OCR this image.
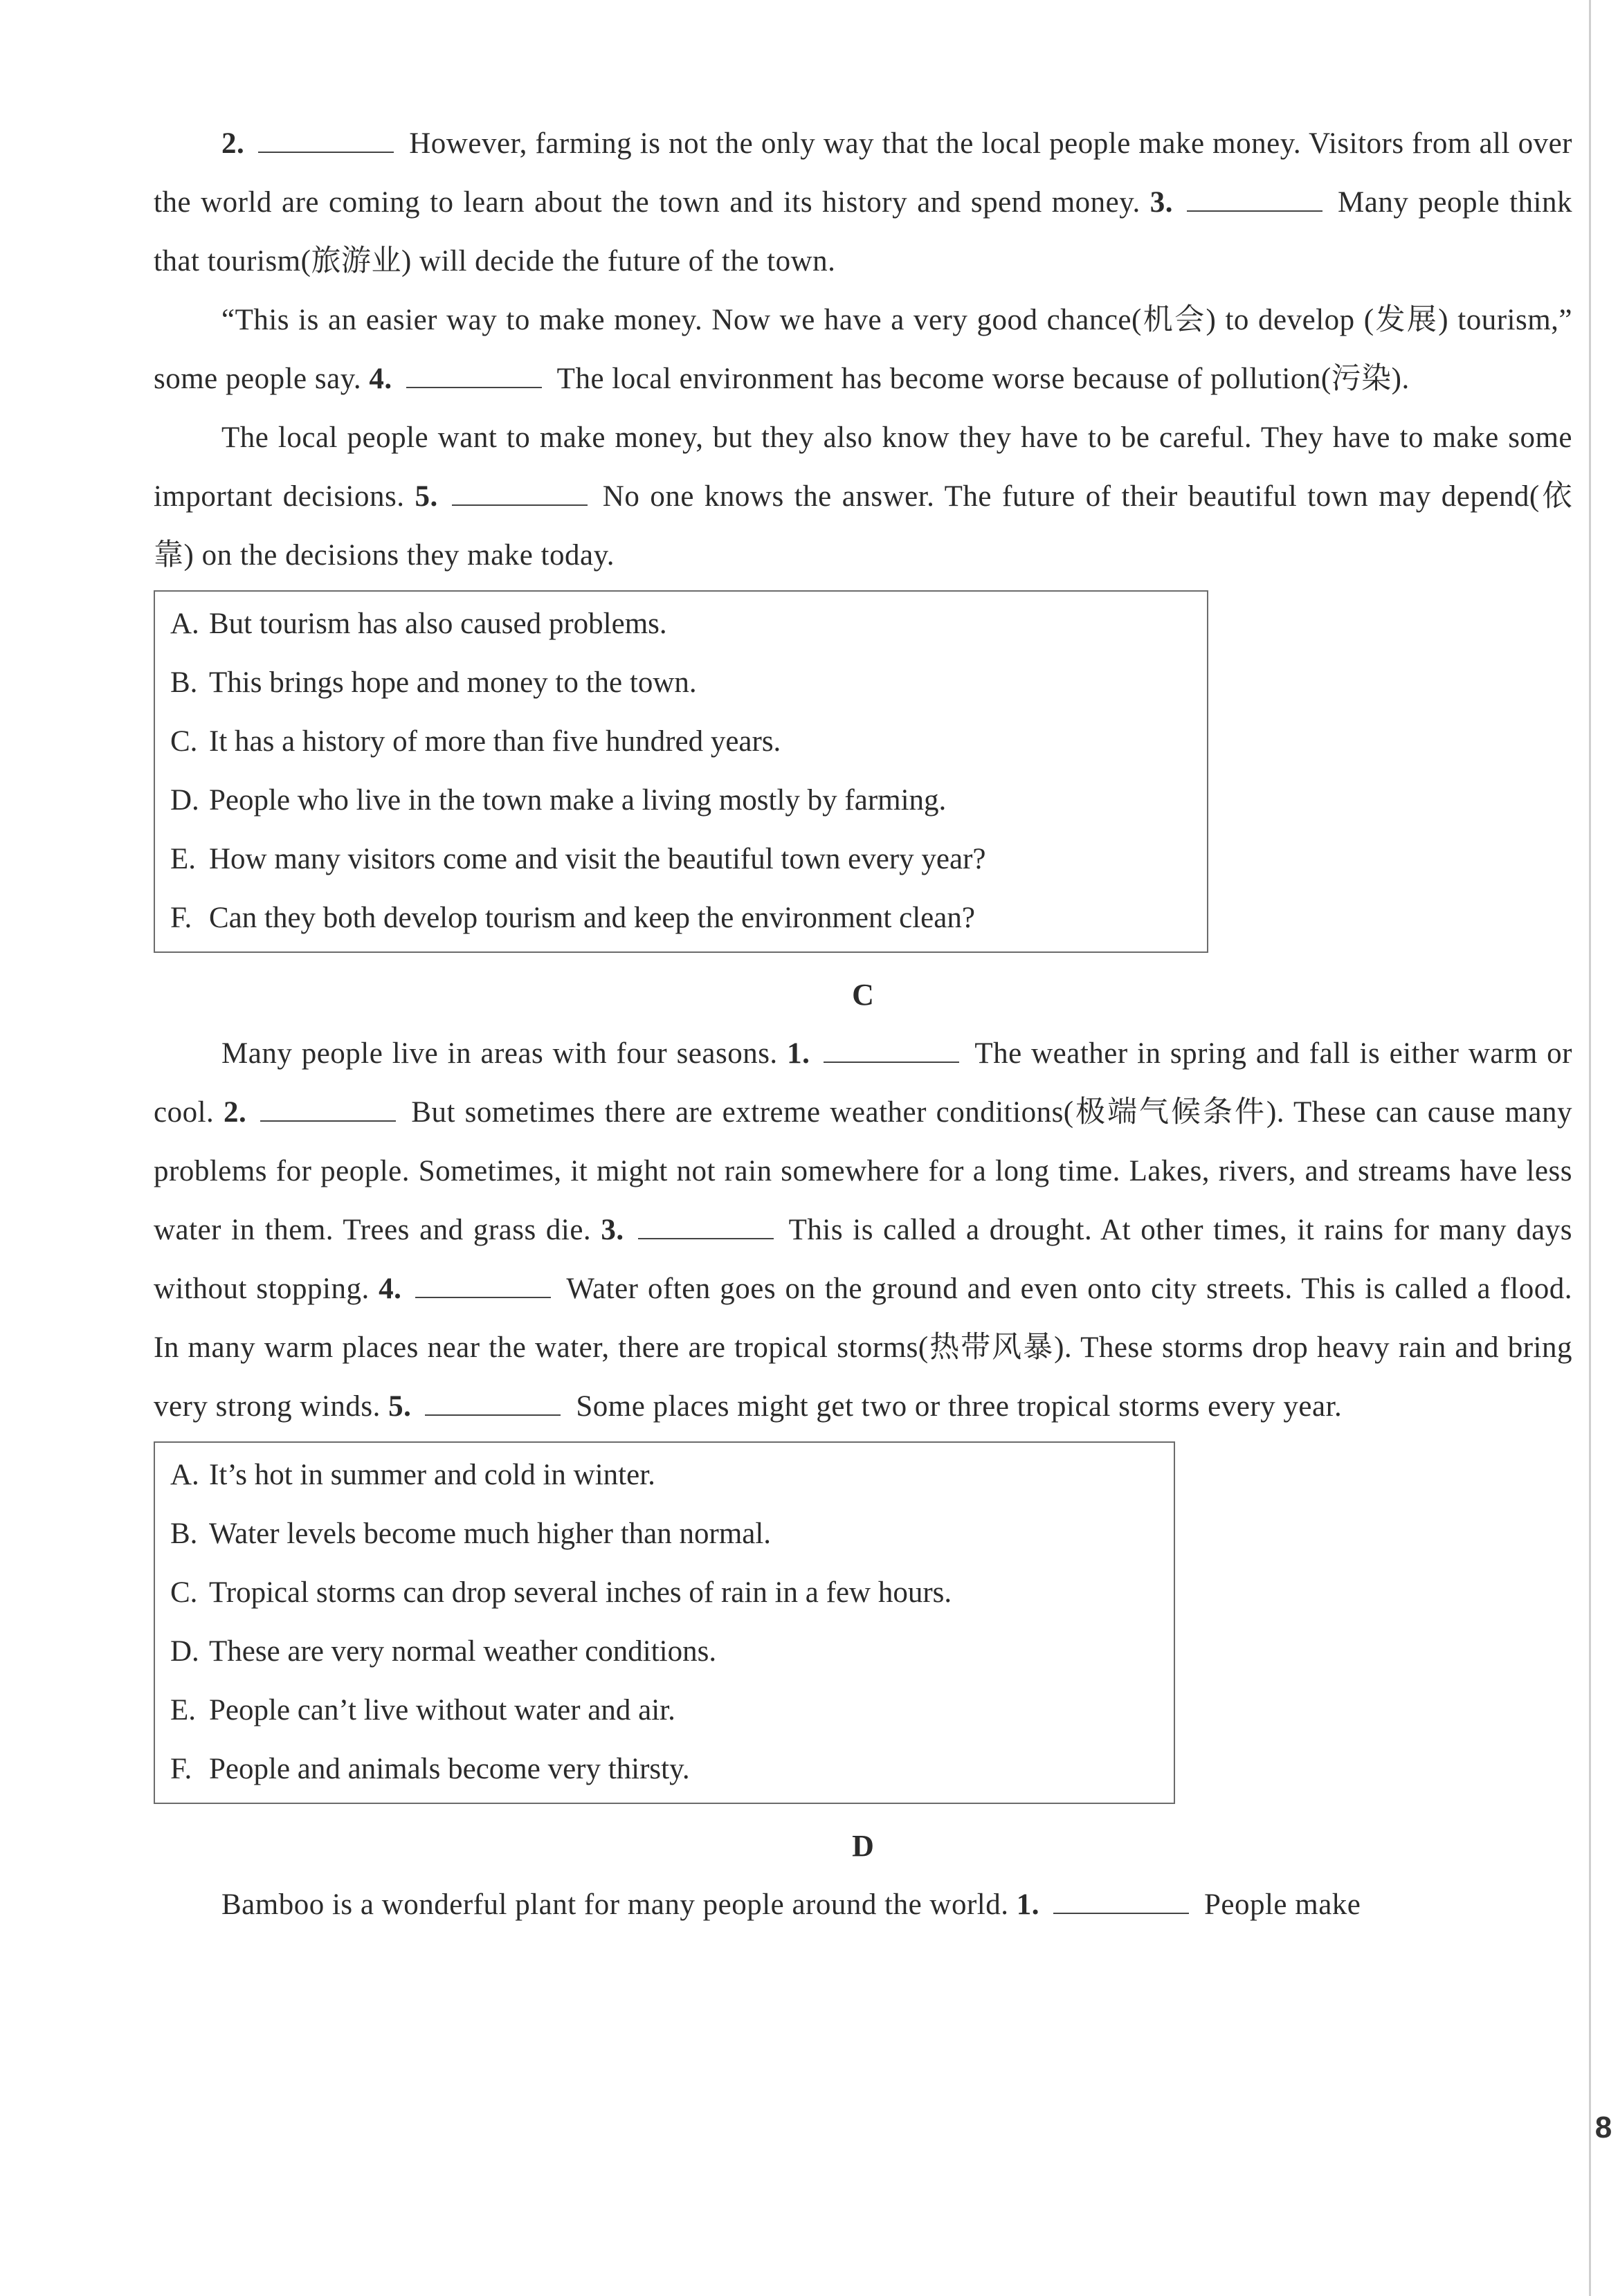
2.	However, farming is not the only way that the local people make money. Visitors from all over the world are coming to learn about the town and its history and spend money. 3.	Many people think that tourism(旅游业) will decide the future of the town.

“This is an easier way to make money. Now we have a very good chance(机会) to develop (发展) tourism,” some people say. 4.	The local environment has become worse because of pollution(污染).

The local people want to make money, but they also know they have to be careful. They have to make some important decisions. 5.	No one knows the answer. The future of their beautiful town may depend(依靠) on the decisions they make today.

A. But tourism has also caused problems.

B. This brings hope and money to the town.

C. It has a history of more than five hundred years.

D. People who live in the town make a living mostly by farming.

E. How many visitors come and visit the beautiful town every year?

F. Can they both develop tourism and keep the environment clean?

C

Many people live in areas with four seasons. 1.	The weather in spring and fall is either warm or cool. 2.	But sometimes there are extreme weather conditions(极端气候条件). These can cause many problems for people. Sometimes, it might not rain somewhere for a long time. Lakes, rivers, and streams have less water in them. Trees and grass die. 3.	This is called a drought. At other times, it rains for many days without stopping. 4.	Water often goes on the ground and even onto city streets. This is called a flood. In many warm places near the water, there are tropical storms(热带风暴). These storms drop heavy rain and bring very strong winds. 5.	Some places might get two or three tropical storms every year.

A. It’s hot in summer and cold in winter.

B. Water levels become much higher than normal.

C. Tropical storms can drop several inches of rain in a few hours.

D. These are very normal weather conditions.

E. People can’t live without water and air.

F. People and animals become very thirsty.

D

Bamboo is a wonderful plant for many people around the world. 1.	People make

8
